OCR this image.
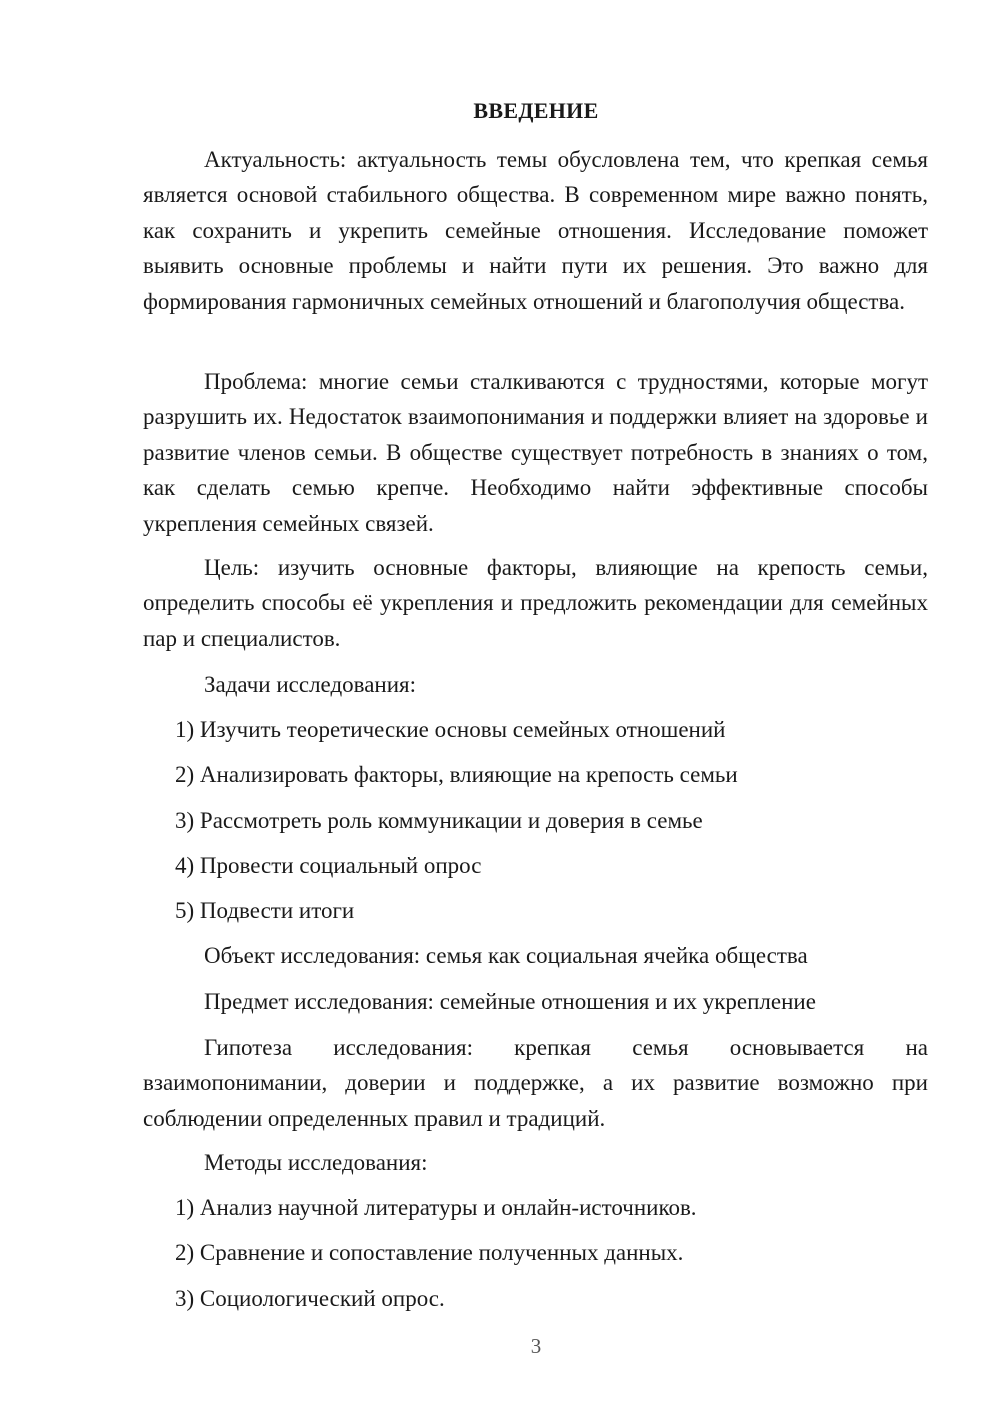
ВВЕДЕНИЕ
Актуальность: актуальность темы обусловлена тем, что крепкая семья является основой стабильного общества. В современном мире важно понять, как сохранить и укрепить семейные отношения. Исследование поможет выявить основные проблемы и найти пути их решения. Это важно для формирования гармоничных семейных отношений и благополучия общества.
Проблема: многие семьи сталкиваются с трудностями, которые могут разрушить их. Недостаток взаимопонимания и поддержки влияет на здоровье и развитие членов семьи. В обществе существует потребность в знаниях о том, как сделать семью крепче. Необходимо найти эффективные способы укрепления семейных связей.
Цель: изучить основные факторы, влияющие на крепость семьи, определить способы её укрепления и предложить рекомендации для семейных пар и специалистов.
Задачи исследования:
1) Изучить теоретические основы семейных отношений
2) Анализировать факторы, влияющие на крепость семьи
3) Рассмотреть роль коммуникации и доверия в семье
4) Провести социальный опрос
5) Подвести итоги
Объект исследования: семья как социальная ячейка общества
Предмет исследования: семейные отношения и их укрепление
Гипотеза исследования: крепкая семья основывается на взаимопонимании, доверии и поддержке, а их развитие возможно при соблюдении определенных правил и традиций.
Методы исследования:
1) Анализ научной литературы и онлайн-источников.
2) Сравнение и сопоставление полученных данных.
3) Социологический опрос.
3
